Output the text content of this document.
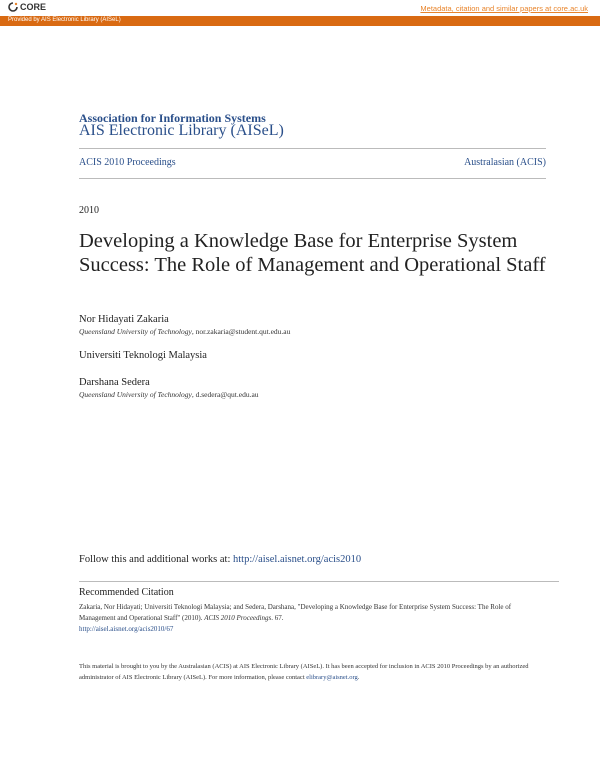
CORE	Metadata, citation and similar papers at core.ac.uk
Provided by AIS Electronic Library (AISeL)
Association for Information Systems
AIS Electronic Library (AISeL)
ACIS 2010 Proceedings	Australasian (ACIS)
2010
Developing a Knowledge Base for Enterprise System Success: The Role of Management and Operational Staff
Nor Hidayati Zakaria
Queensland University of Technology, nor.zakaria@student.qut.edu.au
Universiti Teknologi Malaysia
Darshana Sedera
Queensland University of Technology, d.sedera@qut.edu.au
Follow this and additional works at: http://aisel.aisnet.org/acis2010
Recommended Citation
Zakaria, Nor Hidayati; Universiti Teknologi Malaysia; and Sedera, Darshana, "Developing a Knowledge Base for Enterprise System Success: The Role of Management and Operational Staff" (2010). ACIS 2010 Proceedings. 67.
http://aisel.aisnet.org/acis2010/67
This material is brought to you by the Australasian (ACIS) at AIS Electronic Library (AISeL). It has been accepted for inclusion in ACIS 2010 Proceedings by an authorized administrator of AIS Electronic Library (AISeL). For more information, please contact elibrary@aisnet.org.
